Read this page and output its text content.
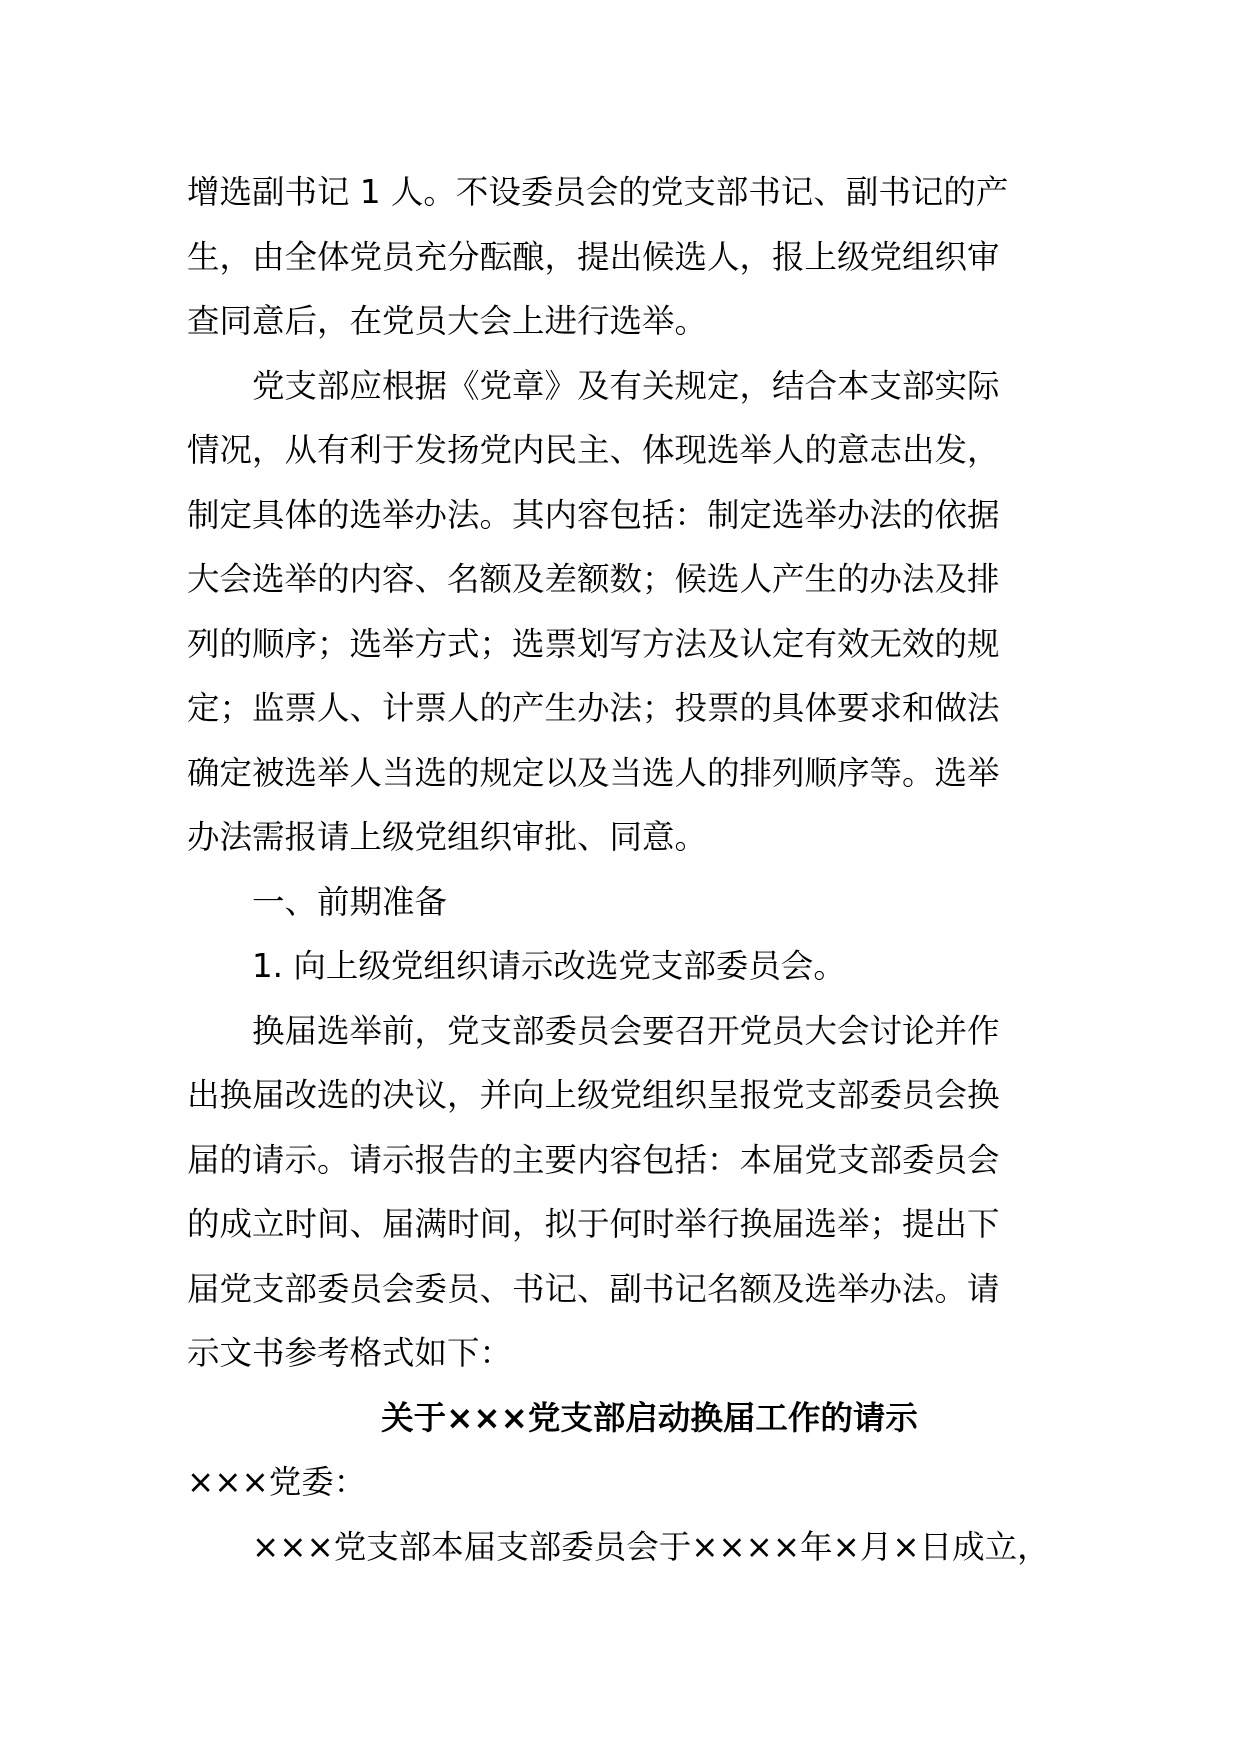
增选副书记 1 人。不设委员会的党支部书记、副书记的产
生，由全体党员充分酝酿，提出候选人，报上级党组织审
查同意后，在党员大会上进行选举。
党支部应根据《党章》及有关规定，结合本支部实际
情况，从有利于发扬党内民主、体现选举人的意志出发，
制定具体的选举办法。其内容包括：制定选举办法的依据
大会选举的内容、名额及差额数；候选人产生的办法及排
列的顺序；选举方式；选票划写方法及认定有效无效的规
定；监票人、计票人的产生办法；投票的具体要求和做法
确定被选举人当选的规定以及当选人的排列顺序等。选举
办法需报请上级党组织审批、同意。
一、前期准备
1. 向上级党组织请示改选党支部委员会。
换届选举前，党支部委员会要召开党员大会讨论并作
出换届改选的决议，并向上级党组织呈报党支部委员会换
届的请示。请示报告的主要内容包括：本届党支部委员会
的成立时间、届满时间，拟于何时举行换届选举；提出下
届党支部委员会委员、书记、副书记名额及选举办法。请
示文书参考格式如下：
关于×××党支部启动换届工作的请示
×××党委：
×××党支部本届支部委员会于××××年×月×日成立，
